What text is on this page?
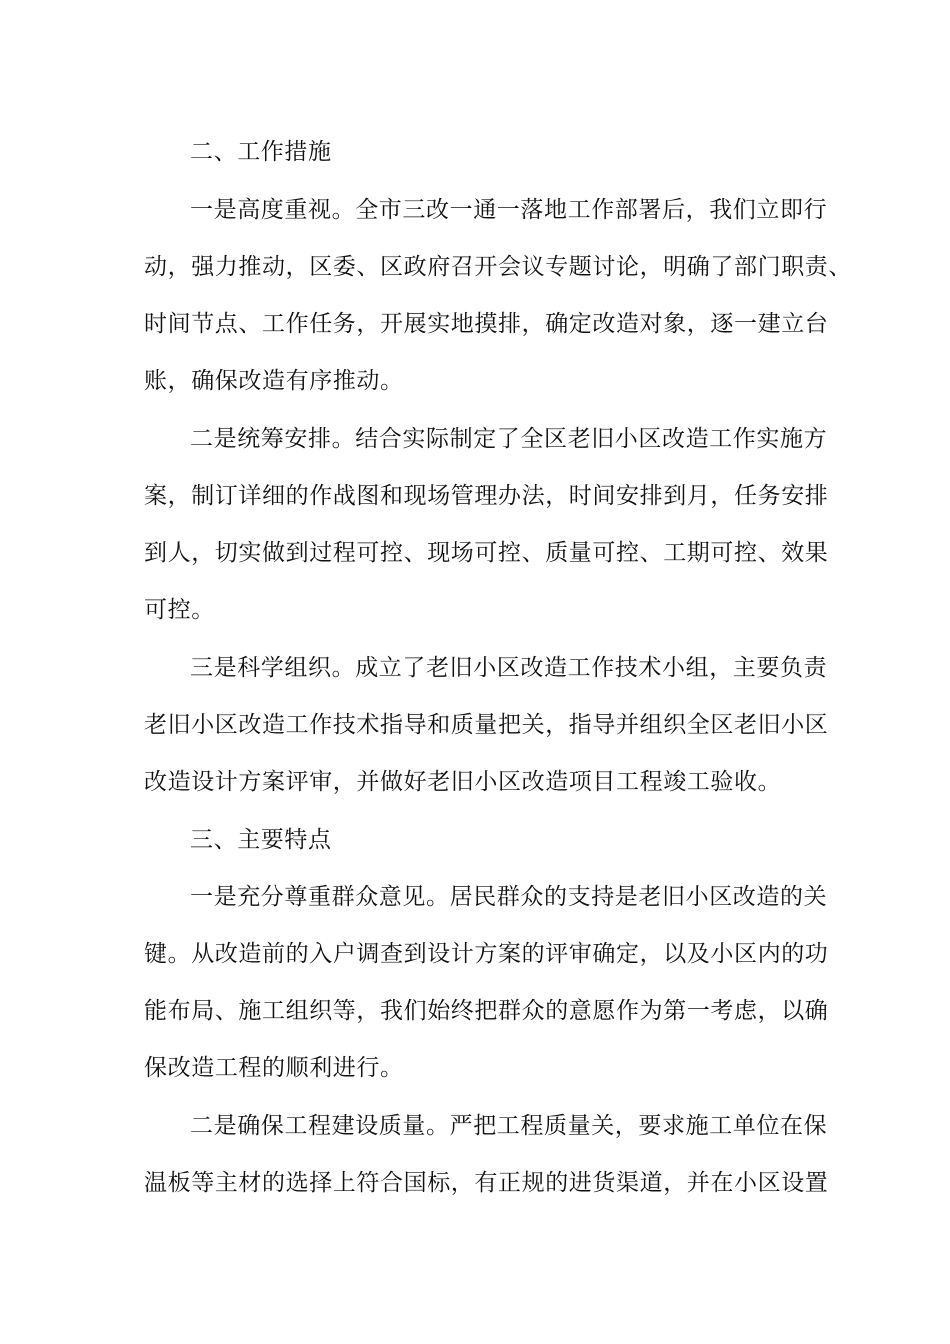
二、工作措施
一是高度重视。全市三改一通一落地工作部署后，我们立即行
动，强力推动，区委、区政府召开会议专题讨论，明确了部门职责、
时间节点、工作任务，开展实地摸排，确定改造对象，逐一建立台
账，确保改造有序推动。
二是统筹安排。结合实际制定了全区老旧小区改造工作实施方
案，制订详细的作战图和现场管理办法，时间安排到月，任务安排
到人，切实做到过程可控、现场可控、质量可控、工期可控、效果
可控。
三是科学组织。成立了老旧小区改造工作技术小组，主要负责
老旧小区改造工作技术指导和质量把关，指导并组织全区老旧小区
改造设计方案评审，并做好老旧小区改造项目工程竣工验收。
三、主要特点
一是充分尊重群众意见。居民群众的支持是老旧小区改造的关
键。从改造前的入户调查到设计方案的评审确定，以及小区内的功
能布局、施工组织等，我们始终把群众的意愿作为第一考虑，以确
保改造工程的顺利进行。
二是确保工程建设质量。严把工程质量关，要求施工单位在保
温板等主材的选择上符合国标，有正规的进货渠道，并在小区设置
